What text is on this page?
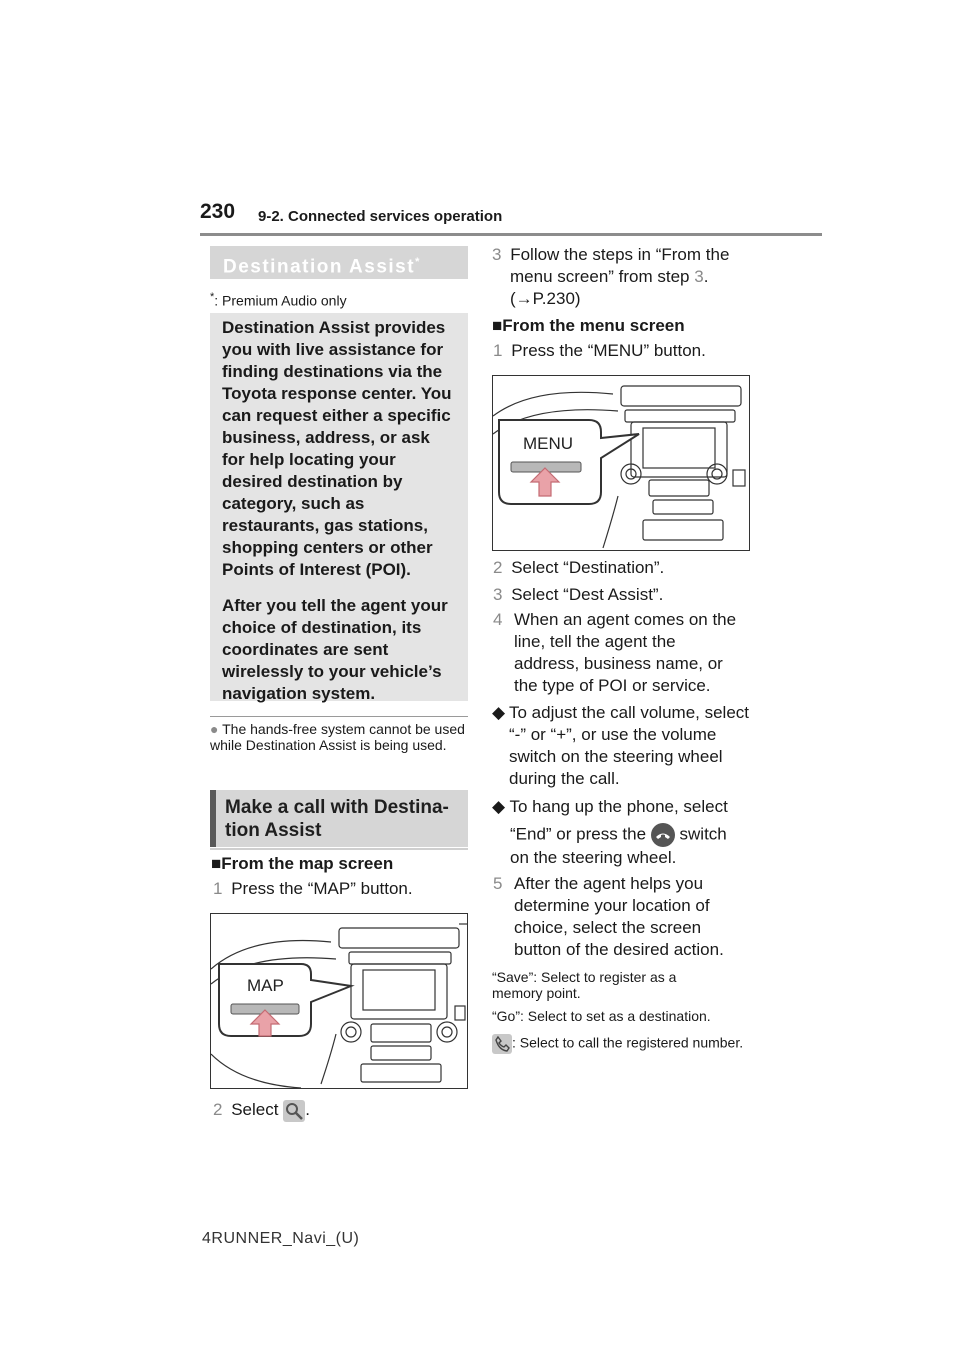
230 9-2. Connected services operation
Destination Assist*
*: Premium Audio only
Destination Assist provides you with live assistance for finding destinations via the Toyota response center. You can request either a specific business, address, or ask for help locating your desired destination by category, such as restaurants, gas stations, shopping centers or other Points of Interest (POI).
After you tell the agent your choice of destination, its coordinates are sent wirelessly to your vehicle’s navigation system.
● The hands-free system cannot be used while Destination Assist is being used.
Make a call with Destina-
tion Assist
■From the map screen
1 Press the “MAP” button.
MAP
2 Select .
3 Follow the steps in “From the
menu screen” from step 3.
(→P.230)
■From the menu screen
1 Press the “MENU” button.
MENU
2 Select “Destination”.
3 Select “Dest Assist”.
4 When an agent comes on the line, tell the agent the address, business name, or the type of POI or service.
◆ To adjust the call volume, select “-” or “+”, or use the volume switch on the steering wheel during the call.
◆ To hang up the phone, select
“End” or press the switch
on the steering wheel.
5 After the agent helps you determine your location of choice, select the screen button of the desired action.
“Save”: Select to register as a memory point.
“Go”: Select to set as a destination.
: Select to call the registered number.
4RUNNER_Navi_(U)
